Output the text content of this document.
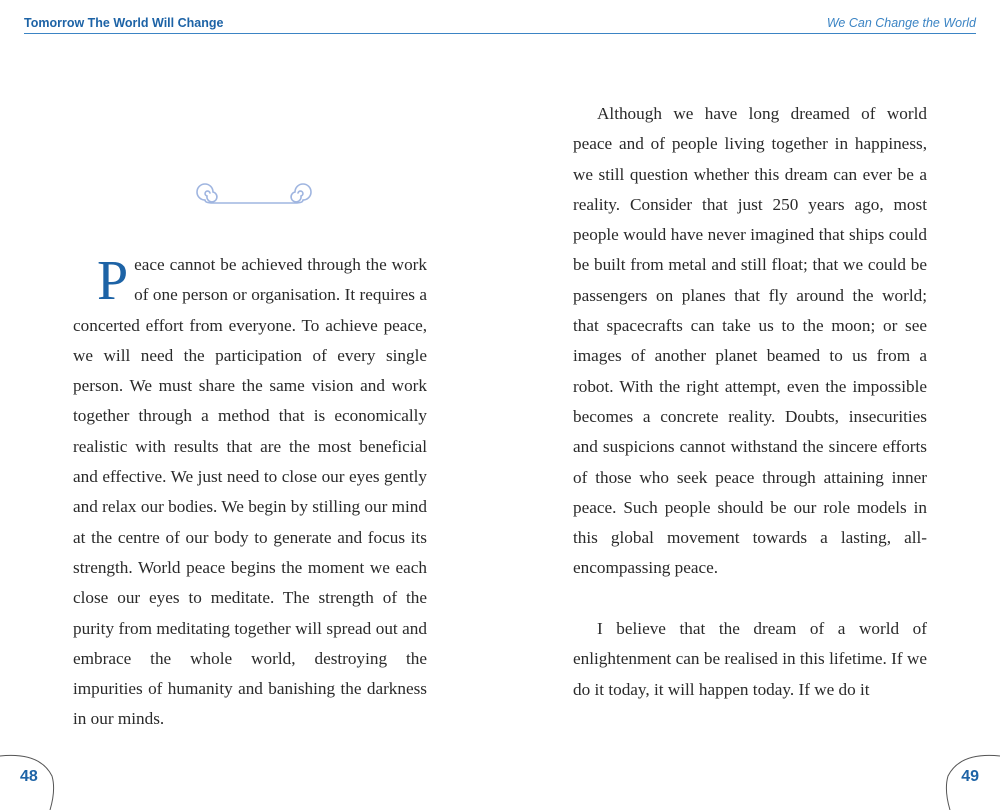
Tomorrow The World Will Change	We Can Change the World

Peace cannot be achieved through the work of one person or organisation. It requires a concerted effort from everyone. To achieve peace, we will need the participation of every single person. We must share the same vision and work together through a method that is economically realistic with results that are the most beneficial and effective. We just need to close our eyes gently and relax our bodies. We begin by stilling our mind at the centre of our body to generate and focus its strength. World peace begins the moment we each close our eyes to meditate. The strength of the purity from meditating together will spread out and embrace the whole world, destroying the impurities of humanity and banishing the darkness in our minds.

Although we have long dreamed of world peace and of people living together in happiness, we still question whether this dream can ever be a reality. Consider that just 250 years ago, most people would have never imagined that ships could be built from metal and still float; that we could be passengers on planes that fly around the world; that spacecrafts can take us to the moon; or see images of another planet beamed to us from a robot. With the right attempt, even the impossible becomes a concrete reality. Doubts, insecurities and suspicions cannot withstand the sincere efforts of those who seek peace through attaining inner peace. Such people should be our role models in this global movement towards a lasting, all-encompassing peace.

I believe that the dream of a world of enlightenment can be realised in this lifetime. If we do it today, it will happen today. If we do it

48	49
